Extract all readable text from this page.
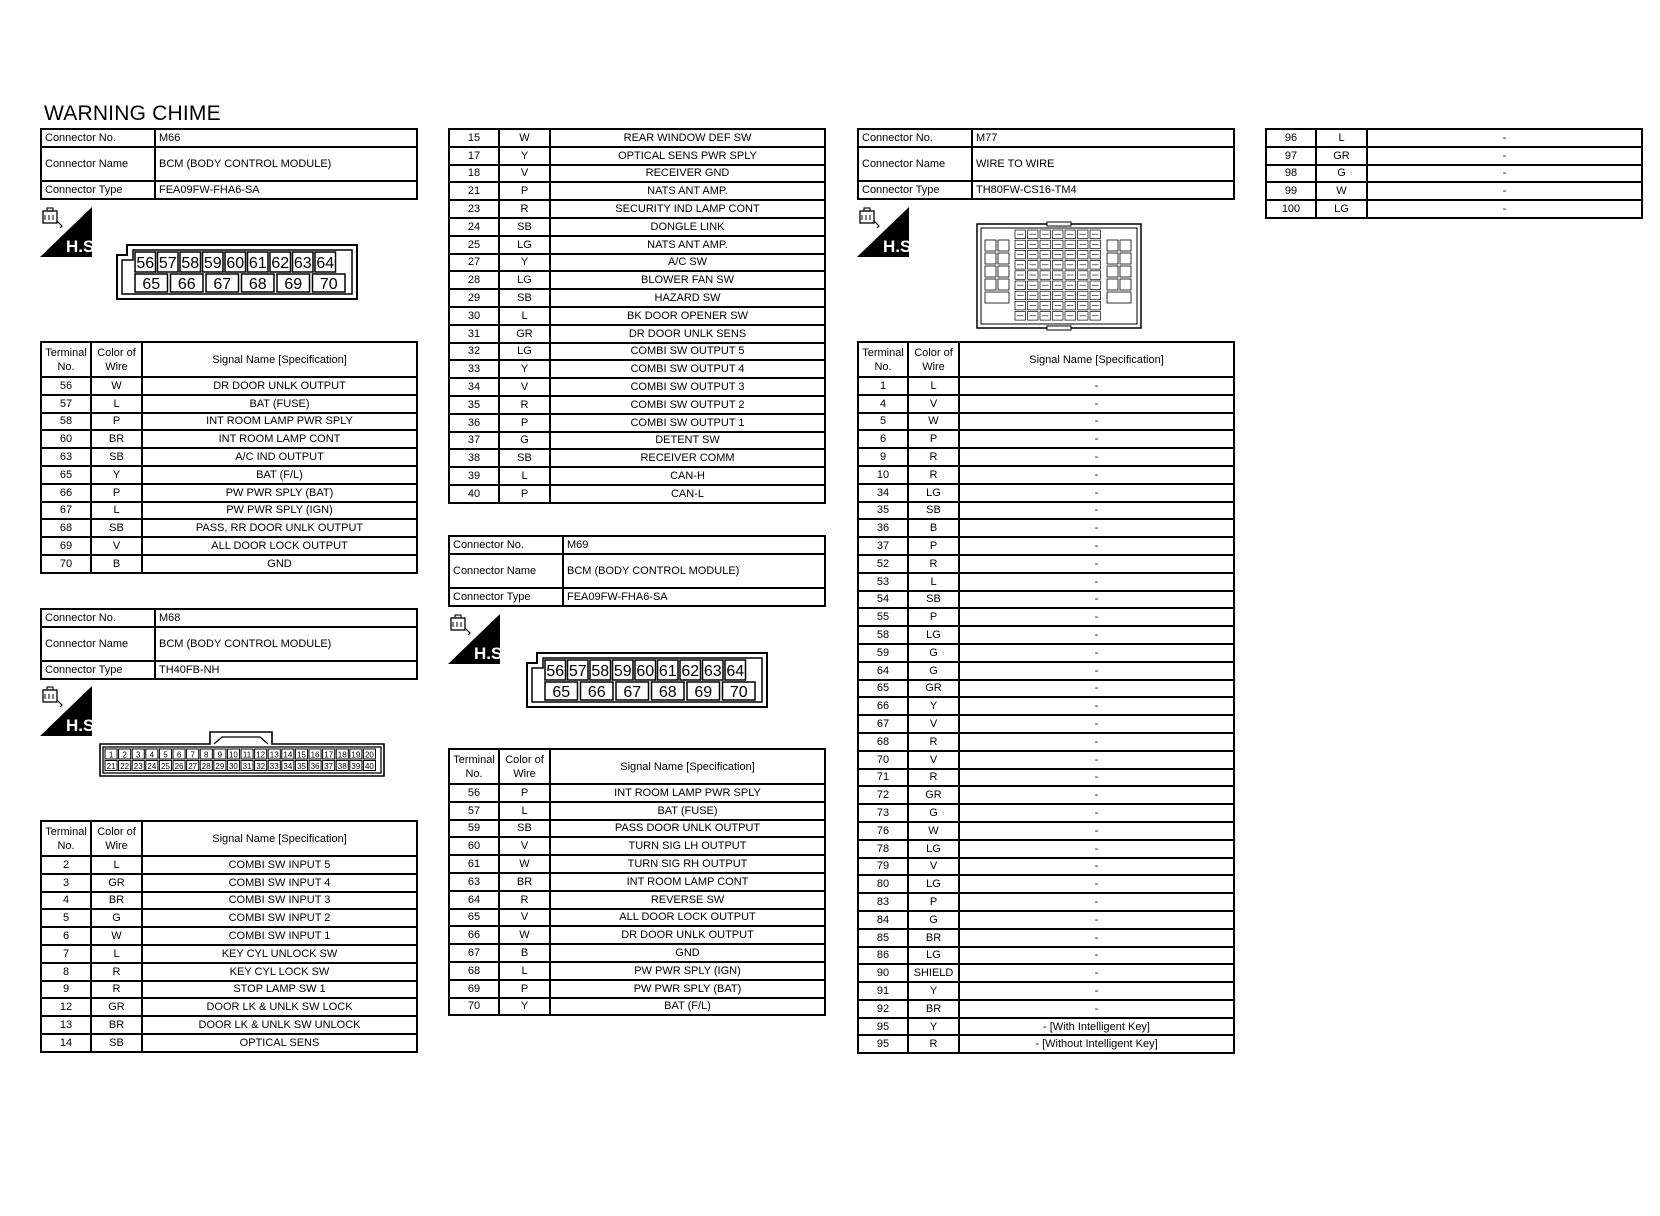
WARNING CHIME
Connector No.	M66
Connector Name	BCM (BODY CONTROL MODULE)
Connector Type	FEA09FW-FHA6-SA
H.S.
56 57 58 59 60 61 62 63 64
65 66 67 68 69 70
Terminal No.	Color of Wire	Signal Name [Specification]
56	W	DR DOOR UNLK OUTPUT
57	L	BAT (FUSE)
58	P	INT ROOM LAMP PWR SPLY
60	BR	INT ROOM LAMP CONT
63	SB	A/C IND OUTPUT
65	Y	BAT (F/L)
66	P	PW PWR SPLY (BAT)
67	L	PW PWR SPLY (IGN)
68	SB	PASS, RR DOOR UNLK OUTPUT
69	V	ALL DOOR LOCK OUTPUT
70	B	GND
Connector No.	M68
Connector Name	BCM (BODY CONTROL MODULE)
Connector Type	TH40FB-NH
H.S.
1 2 3 4 5 6 7 8 9 10 11 12 13 14 15 16 17 18 19 20
21 22 23 24 25 26 27 28 29 30 31 32 33 34 35 36 37 38 39 40
Terminal No.	Color of Wire	Signal Name [Specification]
2	L	COMBI SW INPUT 5
3	GR	COMBI SW INPUT 4
4	BR	COMBI SW INPUT 3
5	G	COMBI SW INPUT 2
6	W	COMBI SW INPUT 1
7	L	KEY CYL UNLOCK SW
8	R	KEY CYL LOCK SW
9	R	STOP LAMP SW 1
12	GR	DOOR LK & UNLK SW LOCK
13	BR	DOOR LK & UNLK SW UNLOCK
14	SB	OPTICAL SENS
15	W	REAR WINDOW DEF SW
17	Y	OPTICAL SENS PWR SPLY
18	V	RECEIVER GND
21	P	NATS ANT AMP.
23	R	SECURITY IND LAMP CONT
24	SB	DONGLE LINK
25	LG	NATS ANT AMP.
27	Y	A/C SW
28	LG	BLOWER FAN SW
29	SB	HAZARD SW
30	L	BK DOOR OPENER SW
31	GR	DR DOOR UNLK SENS
32	LG	COMBI SW OUTPUT 5
33	Y	COMBI SW OUTPUT 4
34	V	COMBI SW OUTPUT 3
35	R	COMBI SW OUTPUT 2
36	P	COMBI SW OUTPUT 1
37	G	DETENT SW
38	SB	RECEIVER COMM
39	L	CAN-H
40	P	CAN-L
Connector No.	M69
Connector Name	BCM (BODY CONTROL MODULE)
Connector Type	FEA09FW-FHA6-SA
H.S.
56 57 58 59 60 61 62 63 64
65 66 67 68 69 70
Terminal No.	Color of Wire	Signal Name [Specification]
56	P	INT ROOM LAMP PWR SPLY
57	L	BAT (FUSE)
59	SB	PASS DOOR UNLK OUTPUT
60	V	TURN SIG LH OUTPUT
61	W	TURN SIG RH OUTPUT
63	BR	INT ROOM LAMP CONT
64	R	REVERSE SW
65	V	ALL DOOR LOCK OUTPUT
66	W	DR DOOR UNLK OUTPUT
67	B	GND
68	L	PW PWR SPLY (IGN)
69	P	PW PWR SPLY (BAT)
70	Y	BAT (F/L)
Connector No.	M77
Connector Name	WIRE TO WIRE
Connector Type	TH80FW-CS16-TM4
H.S.
Terminal No.	Color of Wire	Signal Name [Specification]
1	L	-
4	V	-
5	W	-
6	P	-
9	R	-
10	R	-
34	LG	-
35	SB	-
36	B	-
37	P	-
52	R	-
53	L	-
54	SB	-
55	P	-
58	LG	-
59	G	-
64	G	-
65	GR	-
66	Y	-
67	V	-
68	R	-
70	V	-
71	R	-
72	GR	-
73	G	-
76	W	-
78	LG	-
79	V	-
80	LG	-
83	P	-
84	G	-
85	BR	-
86	LG	-
90	SHIELD	-
91	Y	-
92	BR	-
95	Y	- [With Intelligent Key]
95	R	- [Without Intelligent Key]
96	L	-
97	GR	-
98	G	-
99	W	-
100	LG	-
